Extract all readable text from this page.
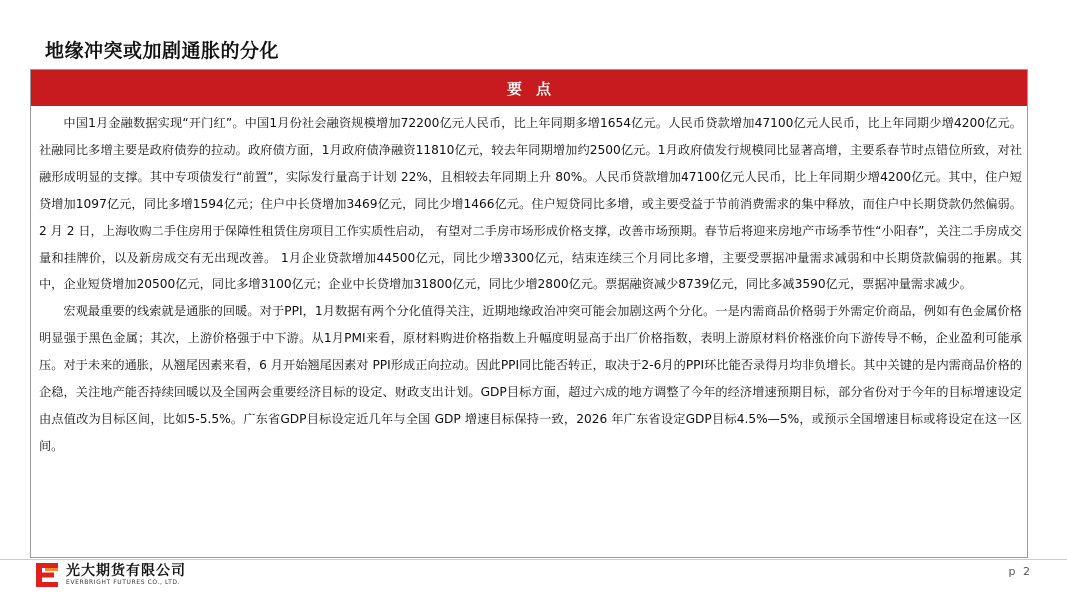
地缘冲突或加剧通胀的分化
要点

中国1月金融数据实现“开门红”。中国1月份社会融资规模增加72200亿元人民币，比上年同期多增1654亿元。人民币贷款增加47100亿元人民币，比上年同期少增4200亿元。社融同比多增主要是政府债券的拉动。政府债方面，1月政府债净融资11810亿元，较去年同期增加约2500亿元。1月政府债发行规模同比显著高增，主要系春节时点错位所致，对社融形成明显的支撑。其中专项债发行“前置”，实际发行量高于计划 22%，且相较去年同期上升 80%。人民币贷款增加47100亿元人民币，比上年同期少增4200亿元。其中，住户短贷增加1097亿元，同比多增1594亿元；住户中长贷增加3469亿元，同比少增1466亿元。住户短贷同比多增，或主要受益于节前消费需求的集中释放，而住户中长期贷款仍然偏弱。2 月 2 日，上海收购二手住房用于保障性租赁住房项目工作实质性启动， 有望对二手房市场形成价格支撑，改善市场预期。春节后将迎来房地产市场季节性“小阳春”，关注二手房成交量和挂牌价，以及新房成交有无出现改善。 1月企业贷款增加44500亿元，同比少增3300亿元，结束连续三个月同比多增，主要受票据冲量需求减弱和中长期贷款偏弱的拖累。其中，企业短贷增加20500亿元，同比多增3100亿元；企业中长贷增加31800亿元，同比少增2800亿元。票据融资减少8739亿元，同比多减3590亿元，票据冲量需求减少。

宏观最重要的线索就是通胀的回暖。对于PPI，1月数据有两个分化值得关注，近期地缘政治冲突可能会加剧这两个分化。一是内需商品价格弱于外需定价商品，例如有色金属价格明显强于黑色金属；其次，上游价格强于中下游。从1月PMI来看，原材料购进价格指数上升幅度明显高于出厂价格指数，表明上游原材料价格涨价向下游传导不畅，企业盈利可能承压。对于未来的通胀，从翘尾因素来看，6 月开始翘尾因素对 PPI形成正向拉动。因此PPI同比能否转正，取决于2-6月的PPI环比能否录得月均非负增长。其中关键的是内需商品价格的企稳，关注地产能否持续回暖以及全国两会重要经济目标的设定、财政支出计划。GDP目标方面，超过六成的地方调整了今年的经济增速预期目标，部分省份对于今年的目标增速设定由点值改为目标区间，比如5-5.5%。广东省GDP目标设定近几年与全国 GDP 增速目标保持一致，2026 年广东省设定GDP目标4.5%—5%，或预示全国增速目标或将设定在这一区间。

光大期货有限公司
EVERBRIGHT FUTURES CO., LTD.
p 2
